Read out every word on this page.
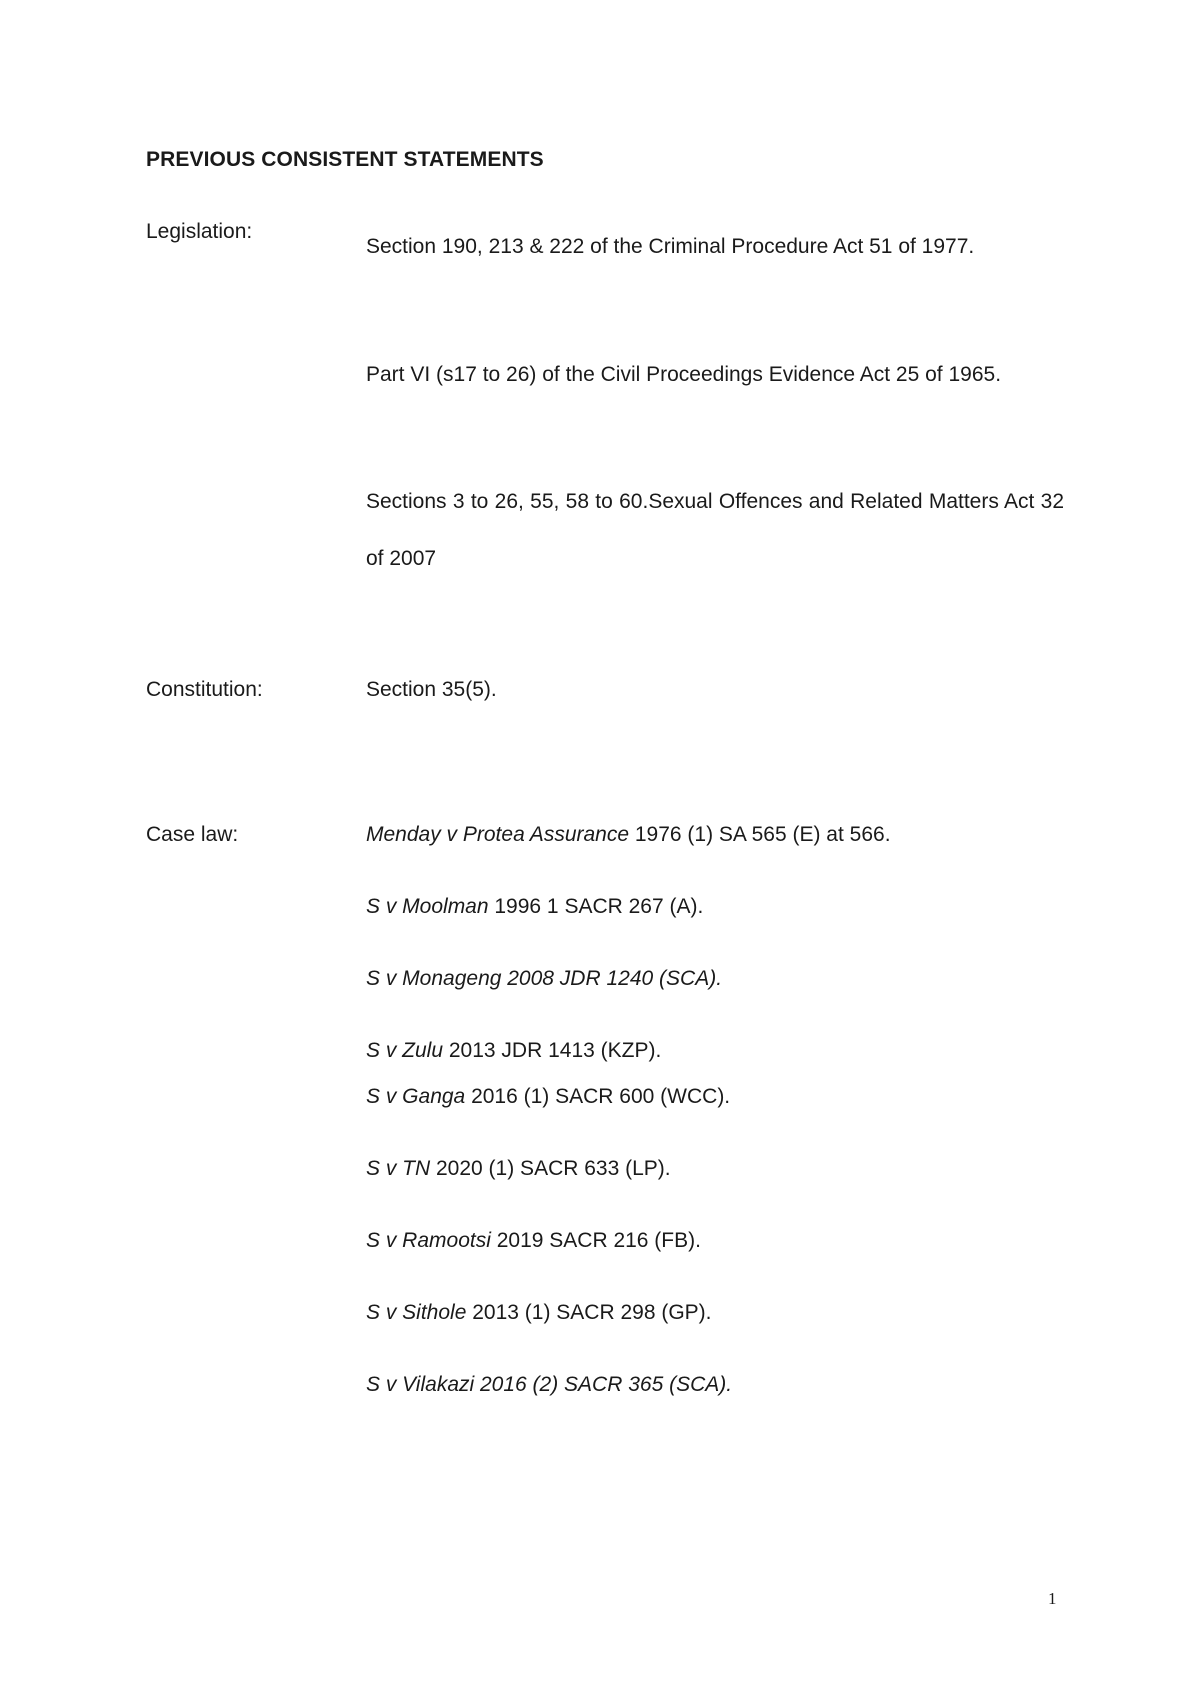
PREVIOUS CONSISTENT STATEMENTS
Legislation:

Section 190, 213 & 222 of the Criminal Procedure Act 51 of 1977.

Part VI (s17 to 26) of the Civil Proceedings Evidence Act 25 of 1965.

Sections 3 to 26, 55, 58 to 60.Sexual Offences and Related Matters Act 32 of 2007

Constitution:	Section 35(5).
Case law:	Menday v Protea Assurance 1976 (1) SA 565 (E) at 566.
S v Moolman 1996 1 SACR 267 (A).
S v Monageng 2008 JDR 1240 (SCA).
S v Zulu 2013 JDR 1413 (KZP).
S v Ganga 2016 (1) SACR 600 (WCC).
S v TN 2020 (1) SACR 633 (LP).
S v Ramootsi 2019 SACR 216 (FB).
S v Sithole 2013 (1) SACR 298 (GP).
S v Vilakazi 2016 (2) SACR 365 (SCA).
1
